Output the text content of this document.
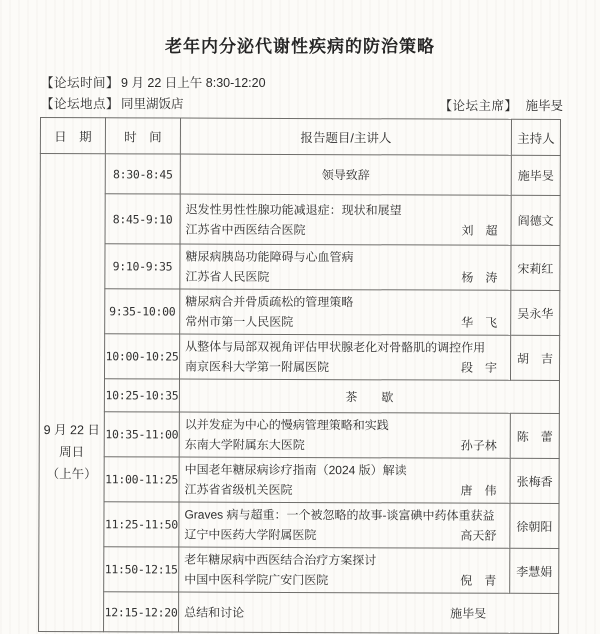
老年内分泌代谢性疾病的防治策略
【论坛时间】 9 月 22 日上午 8:30-12:20
【论坛地点】 同里湖饭店	【论坛主席】 施毕旻
日　期	时　间	报告题目/主讲人	主持人

9 月 22 日
周日
（上午）	8:30-8:45	领导致辞	施毕旻
	8:45-9:10	迟发性男性性腺功能减退症：现状和展望
江苏省中西医结合医院 刘　超	阎德文
	9:10-9:35	糖尿病胰岛功能障碍与心血管病
江苏省人民医院 杨　涛	宋莉红
	9:35-10:00	糖尿病合并骨质疏松的管理策略
常州市第一人民医院 华　飞	吴永华
	10:00-10:25	从整体与局部双视角评估甲状腺老化对骨骼肌的调控作用
南京医科大学第一附属医院 段　宇	胡　吉
	10:25-10:35	茶　　歇	
	10:35-11:00	以并发症为中心的慢病管理策略和实践
东南大学附属东大医院 孙子林	陈　蕾
	11:00-11:25	中国老年糖尿病诊疗指南（2024 版）解读
江苏省省级机关医院 唐　伟	张梅香
	11:25-11:50	Graves 病与超重：一个被忽略的故事-谈富碘中药体重获益
辽宁中医药大学附属医院 高天舒	徐朝阳
	11:50-12:15	老年糖尿病中西医结合治疗方案探讨
中国中医科学院广安门医院 倪　青	李慧娟
	12:15-12:20	总结和讨论 施毕旻	
